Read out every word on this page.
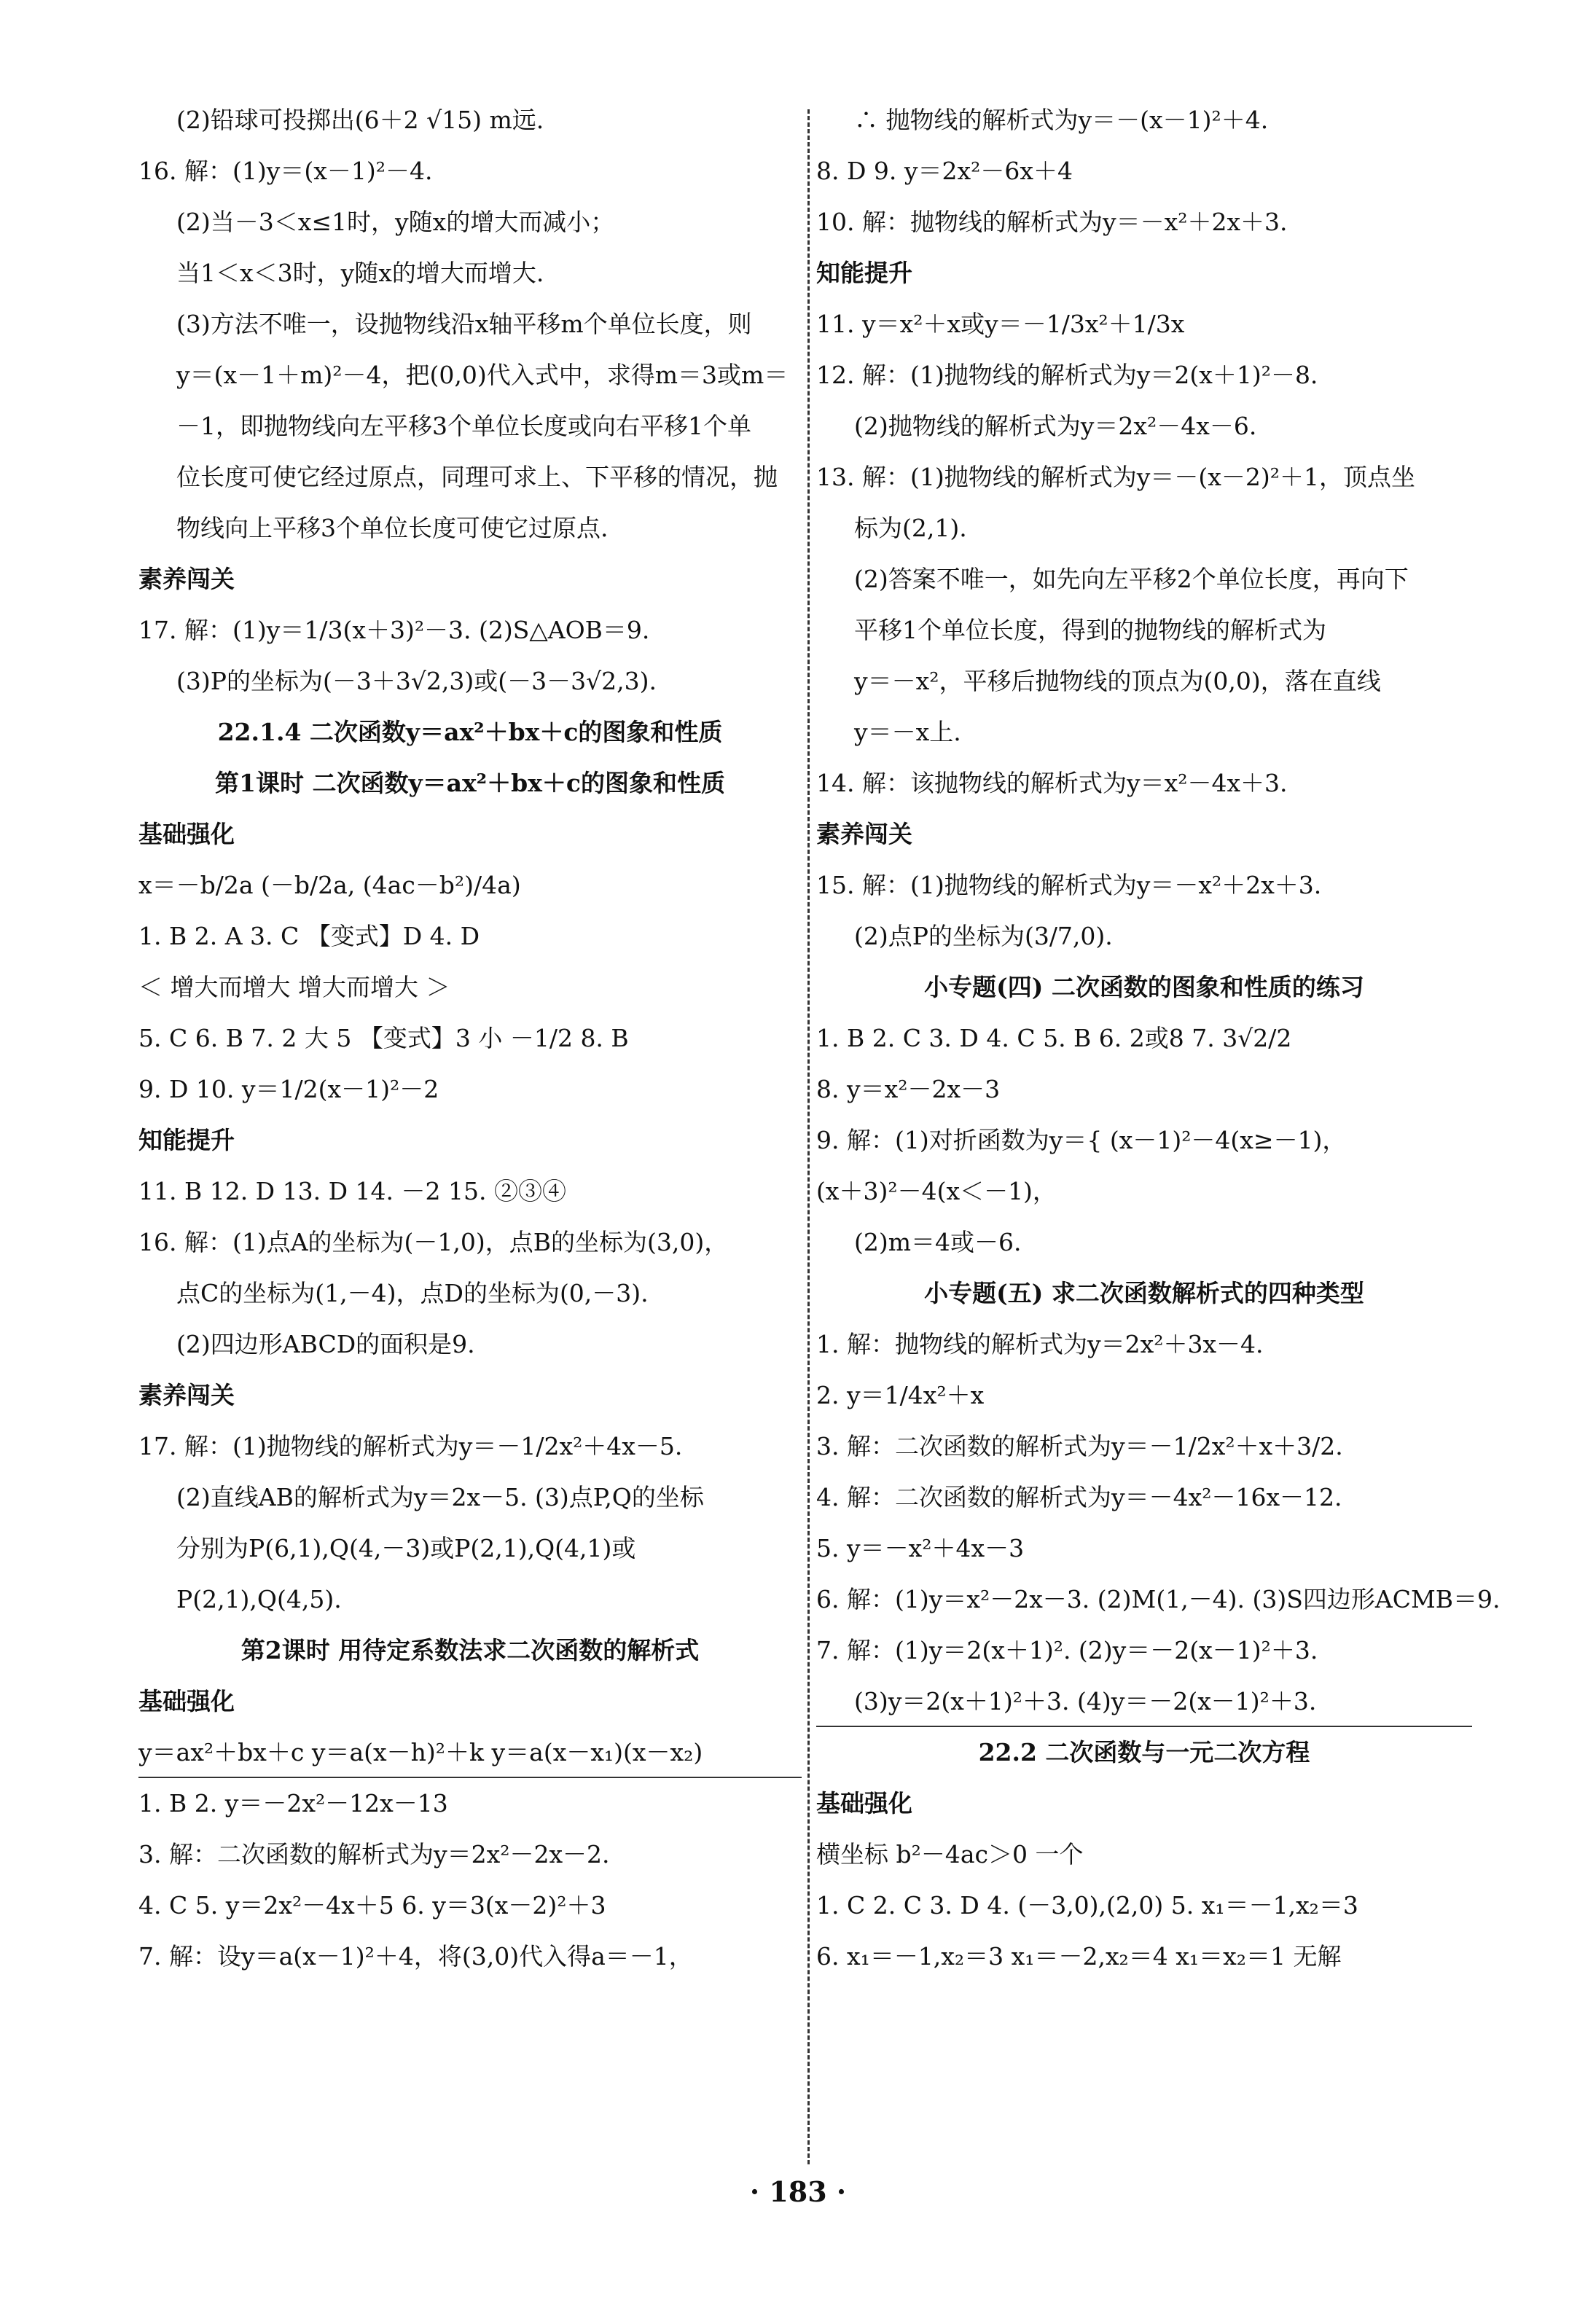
(2)铅球可投掷出(6＋2 √15) m远.
16. 解：(1)y＝(x－1)²－4.
(2)当－3＜x≤1时，y随x的增大而减小；
当1＜x＜3时，y随x的增大而增大.
(3)方法不唯一，设抛物线沿x轴平移m个单位长度，则
y＝(x－1＋m)²－4，把(0,0)代入式中，求得m＝3或m＝
－1，即抛物线向左平移3个单位长度或向右平移1个单
位长度可使它经过原点，同理可求上、下平移的情况，抛
物线向上平移3个单位长度可使它过原点.
素养闯关
17. 解：(1)y＝1/3(x＋3)²－3. (2)S△AOB＝9.
(3)P的坐标为(－3＋3√2,3)或(－3－3√2,3).
22.1.4 二次函数y＝ax²＋bx＋c的图象和性质
第1课时 二次函数y＝ax²＋bx＋c的图象和性质
基础强化
x＝－b/2a (－b/2a, (4ac－b²)/4a)
1. B 2. A 3. C 【变式】D 4. D
＜ 增大而增大 增大而增大 ＞
5. C 6. B 7. 2 大 5 【变式】3 小 －1/2 8. B
9. D 10. y＝1/2(x－1)²－2
知能提升
11. B 12. D 13. D 14. －2 15. ②③④
16. 解：(1)点A的坐标为(－1,0)，点B的坐标为(3,0)，
点C的坐标为(1,－4)，点D的坐标为(0,－3).
(2)四边形ABCD的面积是9.
素养闯关
17. 解：(1)抛物线的解析式为y＝－1/2x²＋4x－5.
(2)直线AB的解析式为y＝2x－5. (3)点P,Q的坐标
分别为P(6,1),Q(4,－3)或P(2,1),Q(4,1)或
P(2,1),Q(4,5).
第2课时 用待定系数法求二次函数的解析式
基础强化
y＝ax²＋bx＋c y＝a(x－h)²＋k y＝a(x－x₁)(x－x₂)
1. B 2. y＝－2x²－12x－13
3. 解：二次函数的解析式为y＝2x²－2x－2.
4. C 5. y＝2x²－4x＋5 6. y＝3(x－2)²＋3
7. 解：设y＝a(x－1)²＋4，将(3,0)代入得a＝－1，
∴ 抛物线的解析式为y＝－(x－1)²＋4.
8. D 9. y＝2x²－6x＋4
10. 解：抛物线的解析式为y＝－x²＋2x＋3.
知能提升
11. y＝x²＋x或y＝－1/3x²＋1/3x
12. 解：(1)抛物线的解析式为y＝2(x＋1)²－8.
(2)抛物线的解析式为y＝2x²－4x－6.
13. 解：(1)抛物线的解析式为y＝－(x－2)²＋1，顶点坐
标为(2,1).
(2)答案不唯一，如先向左平移2个单位长度，再向下
平移1个单位长度，得到的抛物线的解析式为
y＝－x²，平移后抛物线的顶点为(0,0)，落在直线
y＝－x上.
14. 解：该抛物线的解析式为y＝x²－4x＋3.
素养闯关
15. 解：(1)抛物线的解析式为y＝－x²＋2x＋3.
(2)点P的坐标为(3/7,0).
小专题(四) 二次函数的图象和性质的练习
1. B 2. C 3. D 4. C 5. B 6. 2或8 7. 3√2/2
8. y＝x²－2x－3
9. 解：(1)对折函数为y＝{ (x－1)²－4(x≥－1)，
(x＋3)²－4(x＜－1)，
(2)m＝4或－6.
小专题(五) 求二次函数解析式的四种类型
1. 解：抛物线的解析式为y＝2x²＋3x－4.
2. y＝1/4x²＋x
3. 解：二次函数的解析式为y＝－1/2x²＋x＋3/2.
4. 解：二次函数的解析式为y＝－4x²－16x－12.
5. y＝－x²＋4x－3
6. 解：(1)y＝x²－2x－3. (2)M(1,－4). (3)S四边形ACMB＝9.
7. 解：(1)y＝2(x＋1)². (2)y＝－2(x－1)²＋3.
(3)y＝2(x＋1)²＋3. (4)y＝－2(x－1)²＋3.
22.2 二次函数与一元二次方程
基础强化
横坐标 b²－4ac＞0 一个
1. C 2. C 3. D 4. (－3,0),(2,0) 5. x₁＝－1,x₂＝3
6. x₁＝－1,x₂＝3 x₁＝－2,x₂＝4 x₁＝x₂＝1 无解
· 183 ·
